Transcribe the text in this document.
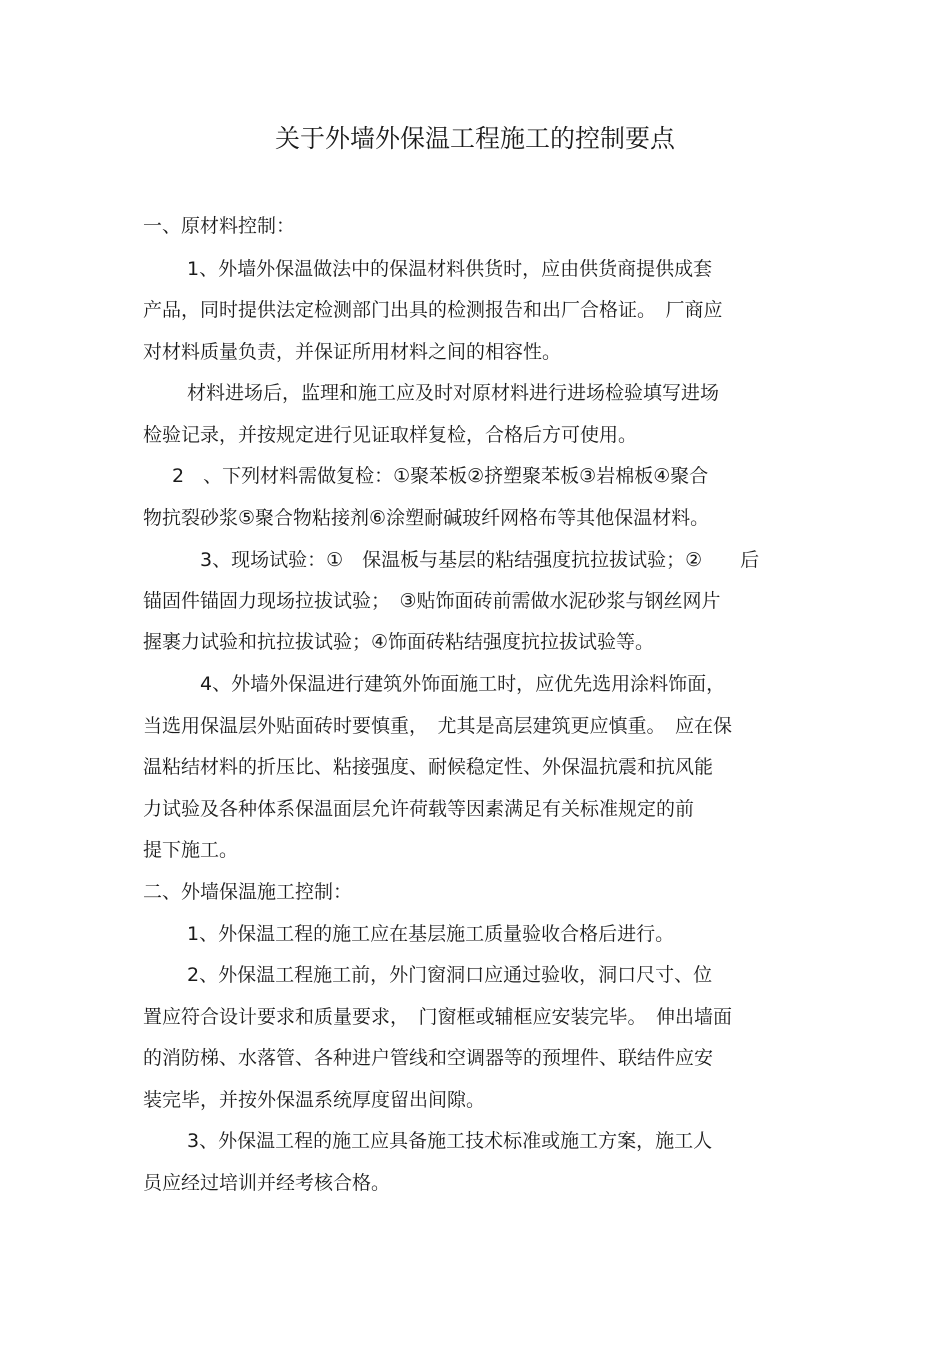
关于外墙外保温工程施工的控制要点
一、原材料控制：
1、外墙外保温做法中的保温材料供货时，应由供货商提供成套
产品，同时提供法定检测部门出具的检测报告和出厂合格证。　厂商应
对材料质量负责，并保证所用材料之间的相容性。
材料进场后，监理和施工应及时对原材料进行进场检验填写进场
检验记录，并按规定进行见证取样复检，合格后方可使用。
2　、下列材料需做复检：①聚苯板②挤塑聚苯板③岩棉板④聚合
物抗裂砂浆⑤聚合物粘接剂⑥涂塑耐碱玻纤网格布等其他保温材料。
3、现场试验：①　保温板与基层的粘结强度抗拉拔试验；②　　后
锚固件锚固力现场拉拔试验；　③贴饰面砖前需做水泥砂浆与钢丝网片
握裹力试验和抗拉拔试验；④饰面砖粘结强度抗拉拔试验等。
4、外墙外保温进行建筑外饰面施工时，应优先选用涂料饰面，
当选用保温层外贴面砖时要慎重，　尤其是高层建筑更应慎重。　应在保
温粘结材料的折压比、粘接强度、耐候稳定性、外保温抗震和抗风能
力试验及各种体系保温面层允许荷载等因素满足有关标准规定的前
提下施工。
二、外墙保温施工控制：
1、外保温工程的施工应在基层施工质量验收合格后进行。
2、外保温工程施工前，外门窗洞口应通过验收，洞口尺寸、位
置应符合设计要求和质量要求，　门窗框或辅框应安装完毕。　伸出墙面
的消防梯、水落管、各种进户管线和空调器等的预埋件、联结件应安
装完毕，并按外保温系统厚度留出间隙。
3、外保温工程的施工应具备施工技术标准或施工方案，施工人
员应经过培训并经考核合格。
